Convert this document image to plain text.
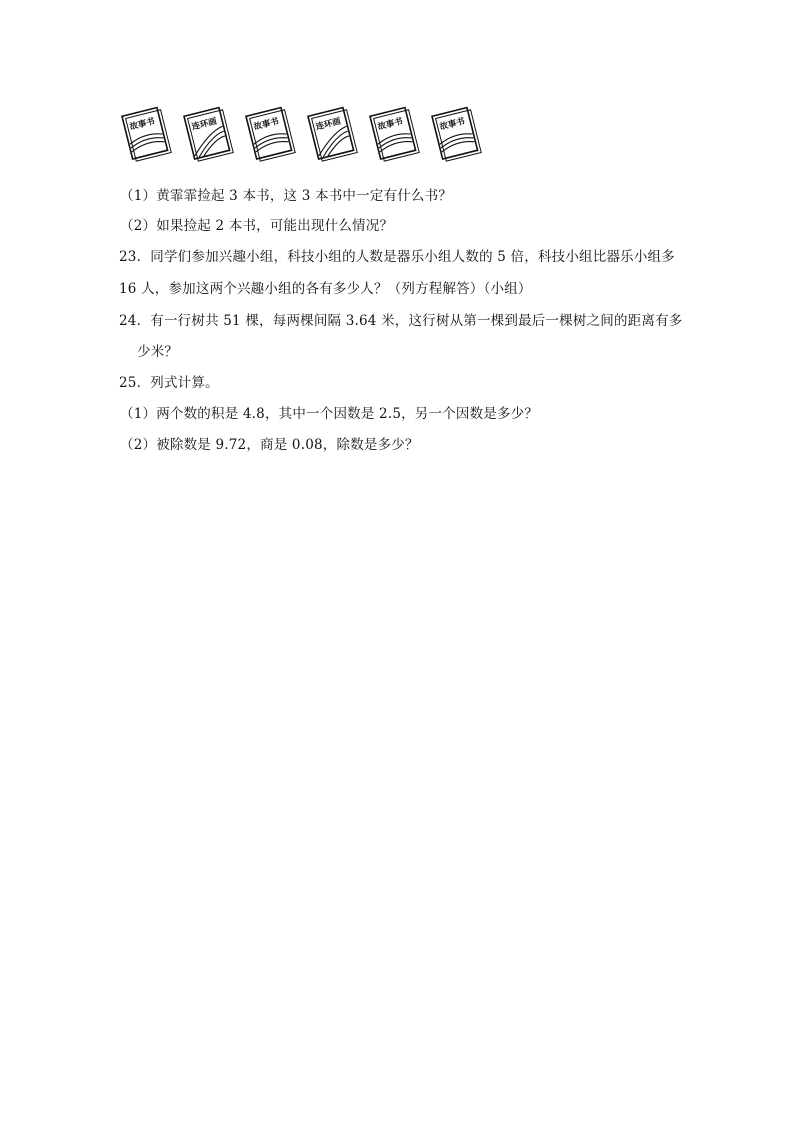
故事书	连环画	故事书	连环画	故事书	故事书
（1）黄霏霏捡起 3 本书，这 3 本书中一定有什么书？
（2）如果捡起 2 本书，可能出现什么情况？
23．同学们参加兴趣小组，科技小组的人数是器乐小组人数的 5 倍，科技小组比器乐小组多
16 人，参加这两个兴趣小组的各有多少人？（列方程解答）（小组）
24．有一行树共 51 棵，每两棵间隔 3.64 米，这行树从第一棵到最后一棵树之间的距离有多
少米？
25．列式计算。
（1）两个数的积是 4.8，其中一个因数是 2.5，另一个因数是多少？
（2）被除数是 9.72，商是 0.08，除数是多少？
